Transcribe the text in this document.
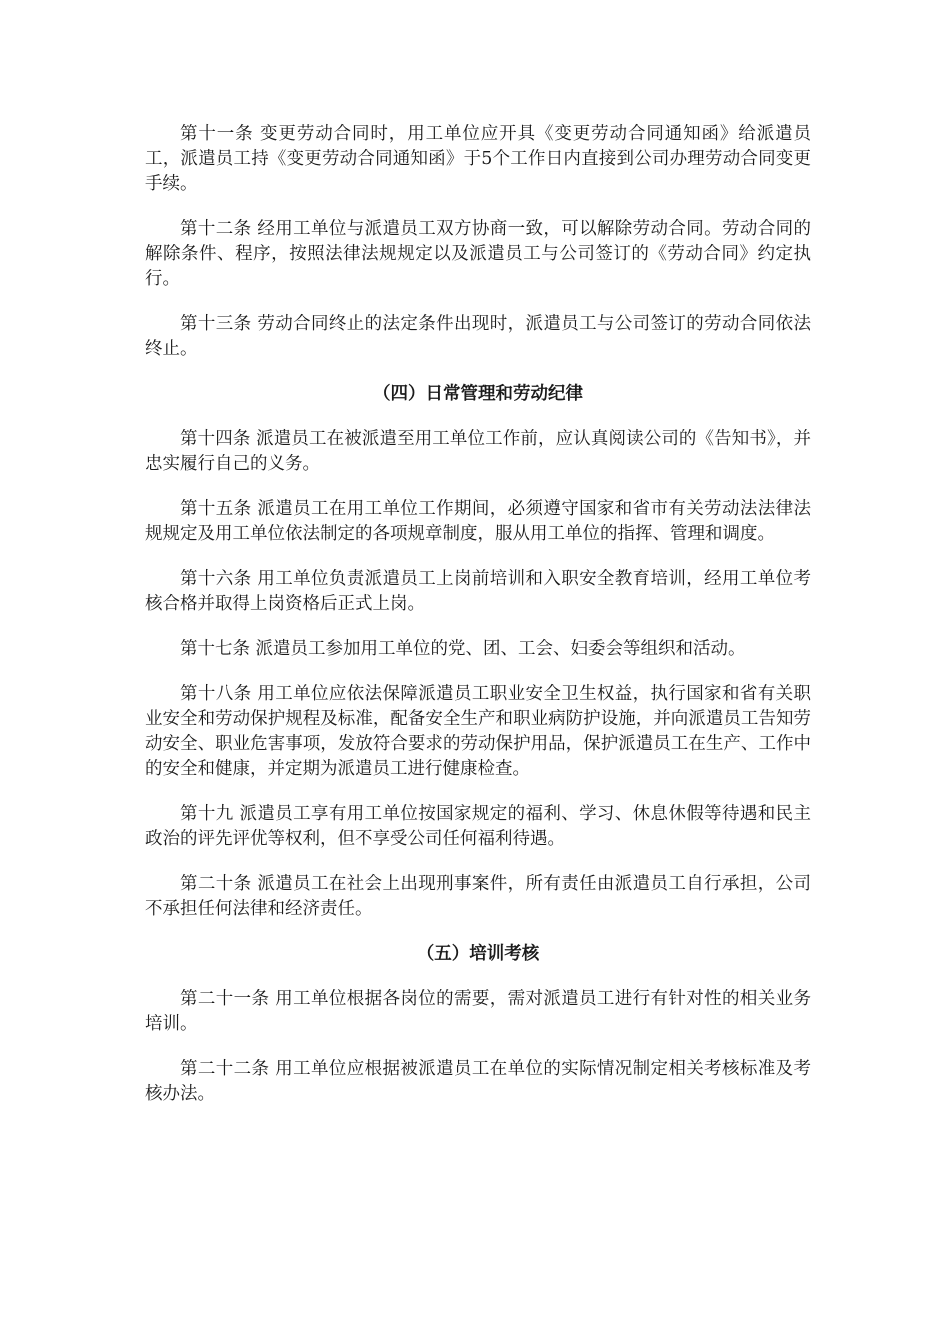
第十一条 变更劳动合同时，用工单位应开具《变更劳动合同通知函》给派遣员工，派遣员工持《变更劳动合同通知函》于5个工作日内直接到公司办理劳动合同变更手续。

第十二条 经用工单位与派遣员工双方协商一致，可以解除劳动合同。劳动合同的解除条件、程序，按照法律法规规定以及派遣员工与公司签订的《劳动合同》约定执行。

第十三条 劳动合同终止的法定条件出现时，派遣员工与公司签订的劳动合同依法终止。

（四）日常管理和劳动纪律

第十四条 派遣员工在被派遣至用工单位工作前，应认真阅读公司的《告知书》，并忠实履行自己的义务。

第十五条 派遣员工在用工单位工作期间，必须遵守国家和省市有关劳动法法律法规规定及用工单位依法制定的各项规章制度，服从用工单位的指挥、管理和调度。

第十六条 用工单位负责派遣员工上岗前培训和入职安全教育培训，经用工单位考核合格并取得上岗资格后正式上岗。

第十七条 派遣员工参加用工单位的党、团、工会、妇委会等组织和活动。

第十八条 用工单位应依法保障派遣员工职业安全卫生权益，执行国家和省有关职业安全和劳动保护规程及标准，配备安全生产和职业病防护设施，并向派遣员工告知劳动安全、职业危害事项，发放符合要求的劳动保护用品，保护派遣员工在生产、工作中的安全和健康，并定期为派遣员工进行健康检查。

第十九 派遣员工享有用工单位按国家规定的福利、学习、休息休假等待遇和民主政治的评先评优等权利，但不享受公司任何福利待遇。

第二十条 派遣员工在社会上出现刑事案件，所有责任由派遣员工自行承担，公司不承担任何法律和经济责任。

（五）培训考核

第二十一条 用工单位根据各岗位的需要，需对派遣员工进行有针对性的相关业务培训。

第二十二条 用工单位应根据被派遣员工在单位的实际情况制定相关考核标准及考核办法。
